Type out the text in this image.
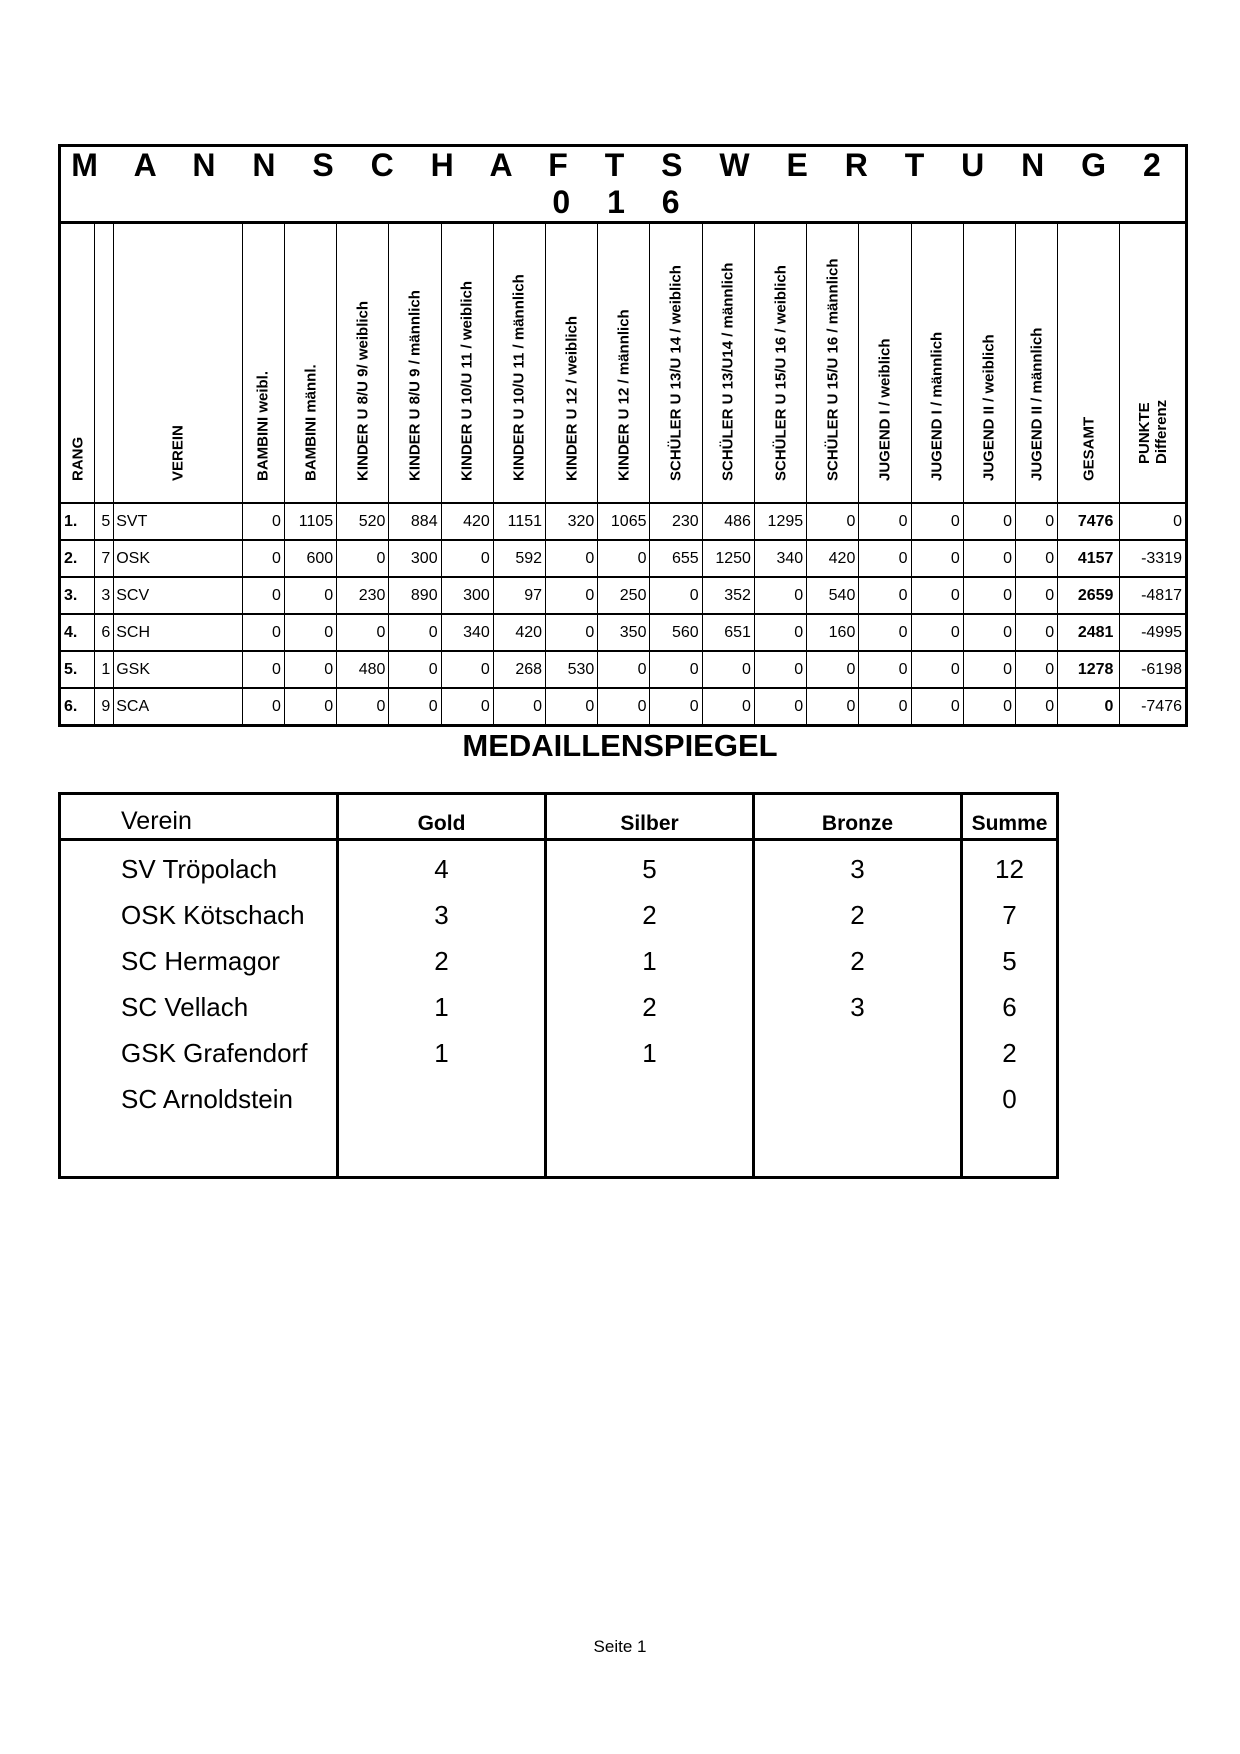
M A N N S C H A F T S W E R T U N G 2 0 1 6																				

RANG		VEREIN	BAMBINI weibl.	BAMBINI männl.	KINDER U 8/U 9/ weiblich	KINDER U 8/U 9 / männlich	KINDER U 10/U 11 / weiblich	KINDER U 10/U 11 / männlich	KINDER U 12 / weiblich	KINDER U 12 / männlich	SCHÜLER U 13/U 14 / weiblich	SCHÜLER U 13/U14 / männlich	SCHÜLER U 15/U 16 / weiblich	SCHÜLER U 15/U 16 / männlich	JUGEND I / weiblich	JUGEND I / männlich	JUGEND II / weiblich	JUGEND II / männlich	GESAMT	PUNKTE Differenz

1.	5	SVT	0	1105	520	884	420	1151	320	1065	230	486	1295	0	0	0	0	0	7476	0
2.	7	OSK	0	600	0	300	0	592	0	0	655	1250	340	420	0	0	0	0	4157	-3319
3.	3	SCV	0	0	230	890	300	97	0	250	0	352	0	540	0	0	0	0	2659	-4817
4.	6	SCH	0	0	0	0	340	420	0	350	560	651	0	160	0	0	0	0	2481	-4995
5.	1	GSK	0	0	480	0	0	268	530	0	0	0	0	0	0	0	0	0	1278	-6198
6.	9	SCA	0	0	0	0	0	0	0	0	0	0	0	0	0	0	0	0	0	-7476
MEDAILLENSPIEGEL
Verein	Gold	Silber	Bronze	Summe
SV Tröpolach	4	5	3	12
OSK Kötschach	3	2	2	7
SC Hermagor	2	1	2	5
SC Vellach	1	2	3	6
GSK Grafendorf	1	1		2
SC Arnoldstein				0

Seite 1
